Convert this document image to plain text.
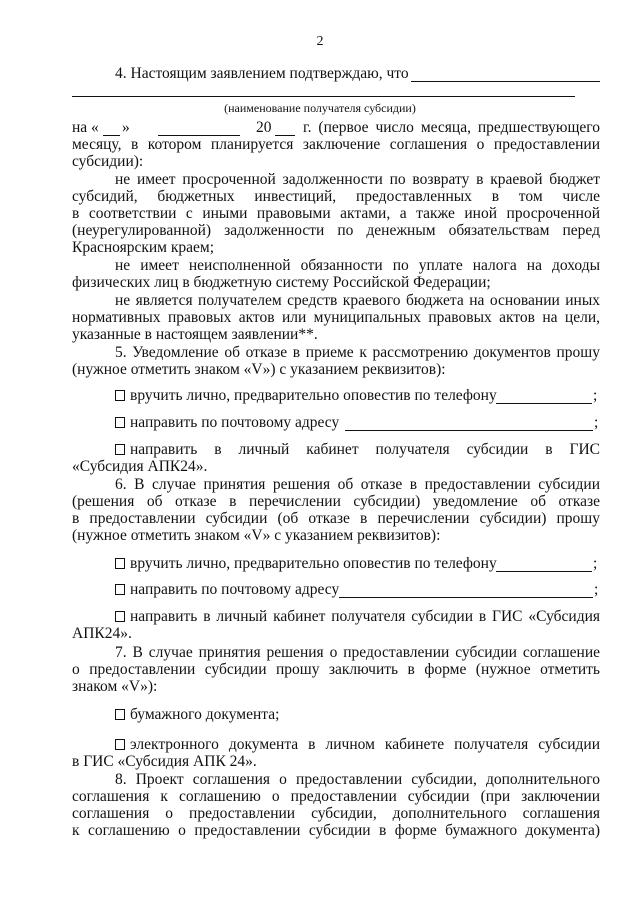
2
4. Настоящим заявлением подтверждаю, что
(наименование получателя субсидии)
на « »	20 г. (первое число месяца, предшествующего
месяцу, в котором планируется заключение соглашения о предоставлении
субсидии):
не имеет просроченной задолженности по возврату в краевой бюджет
субсидий, бюджетных инвестиций, предоставленных в том числе
в соответствии с иными правовыми актами, а также иной просроченной
(неурегулированной) задолженности по денежным обязательствам перед
Красноярским краем;
не имеет неисполненной обязанности по уплате налога на доходы
физических лиц в бюджетную систему Российской Федерации;
не является получателем средств краевого бюджета на основании иных
нормативных правовых актов или муниципальных правовых актов на цели,
указанные в настоящем заявлении**.
5. Уведомление об отказе в приеме к рассмотрению документов прошу
(нужное отметить знаком «V») с указанием реквизитов):
вручить лично, предварительно оповестив по телефону	;
направить по почтовому адресу	;
направить в личный кабинет получателя субсидии в ГИС
«Субсидия АПК24».
6. В случае принятия решения об отказе в предоставлении субсидии
(решения об отказе в перечислении субсидии) уведомление об отказе
в предоставлении субсидии (об отказе в перечислении субсидии) прошу
(нужное отметить знаком «V» с указанием реквизитов):
вручить лично, предварительно оповестив по телефону	;
направить по почтовому адресу	;
направить в личный кабинет получателя субсидии в ГИС «Субсидия
АПК24».
7. В случае принятия решения о предоставлении субсидии соглашение
о предоставлении субсидии прошу заключить в форме (нужное отметить
знаком «V»):
бумажного документа;
электронного документа в личном кабинете получателя субсидии
в ГИС «Субсидия АПК 24».
8. Проект соглашения о предоставлении субсидии, дополнительного
соглашения к соглашению о предоставлении субсидии (при заключении
соглашения о предоставлении субсидии, дополнительного соглашения
к соглашению о предоставлении субсидии в форме бумажного документа)
